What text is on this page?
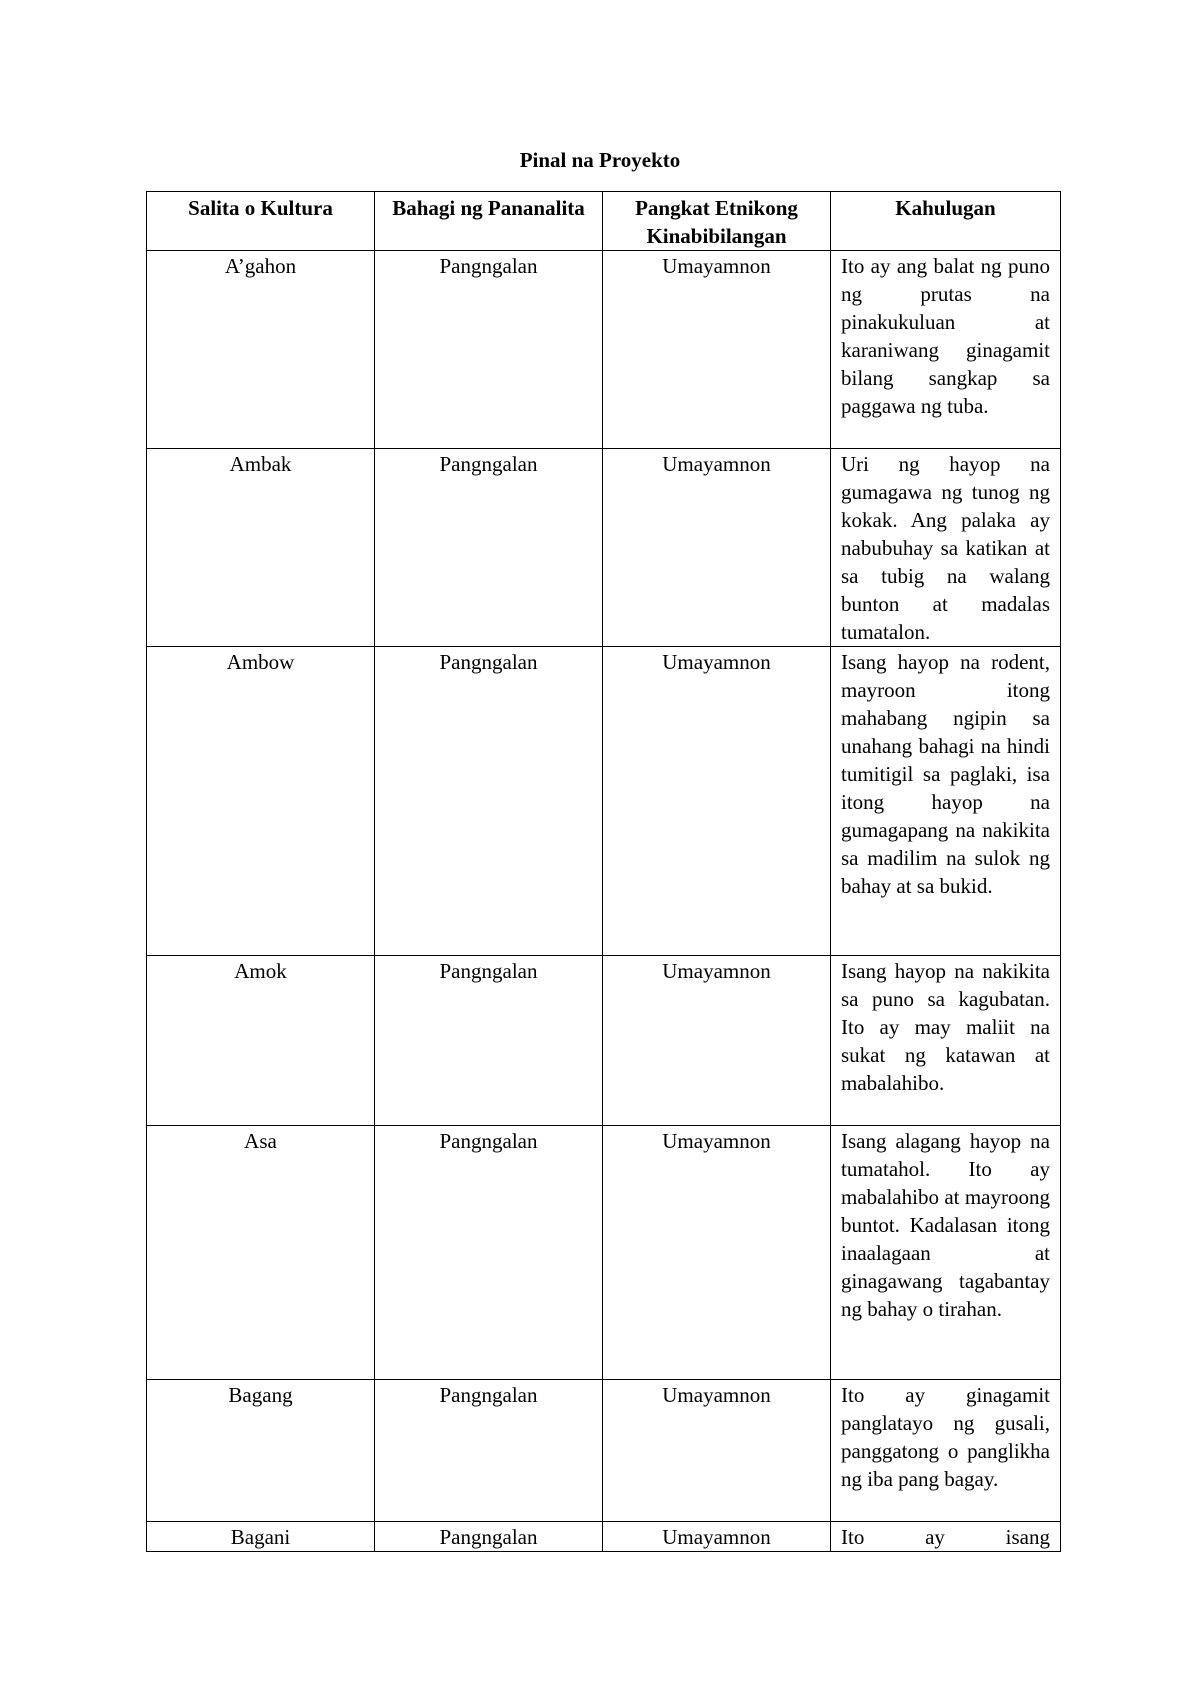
Pinal na Proyekto
Salita o Kultura	Bahagi ng Pananalita	Pangkat Etnikong Kinabibilangan	Kahulugan
A’gahon	Pangngalan	Umayamnon	Ito ay ang balat ng puno ng prutas na pinakukuluan at karaniwang ginagamit bilang sangkap sa paggawa ng tuba.
Ambak	Pangngalan	Umayamnon	Uri ng hayop na gumagawa ng tunog ng kokak. Ang palaka ay nabubuhay sa katikan at sa tubig na walang bunton at madalas tumatalon.
Ambow	Pangngalan	Umayamnon	Isang hayop na rodent, mayroon itong mahabang ngipin sa unahang bahagi na hindi tumitigil sa paglaki, isa itong hayop na gumagapang na nakikita sa madilim na sulok ng bahay at sa bukid.
Amok	Pangngalan	Umayamnon	Isang hayop na nakikita sa puno sa kagubatan. Ito ay may maliit na sukat ng katawan at mabalahibo.
Asa	Pangngalan	Umayamnon	Isang alagang hayop na tumatahol. Ito ay mabalahibo at mayroong buntot. Kadalasan itong inaalagaan at ginagawang tagabantay ng bahay o tirahan.
Bagang	Pangngalan	Umayamnon	Ito ay ginagamit panglatayo ng gusali, panggatong o panglikha ng iba pang bagay.
Bagani	Pangngalan	Umayamnon	Ito ay isang
